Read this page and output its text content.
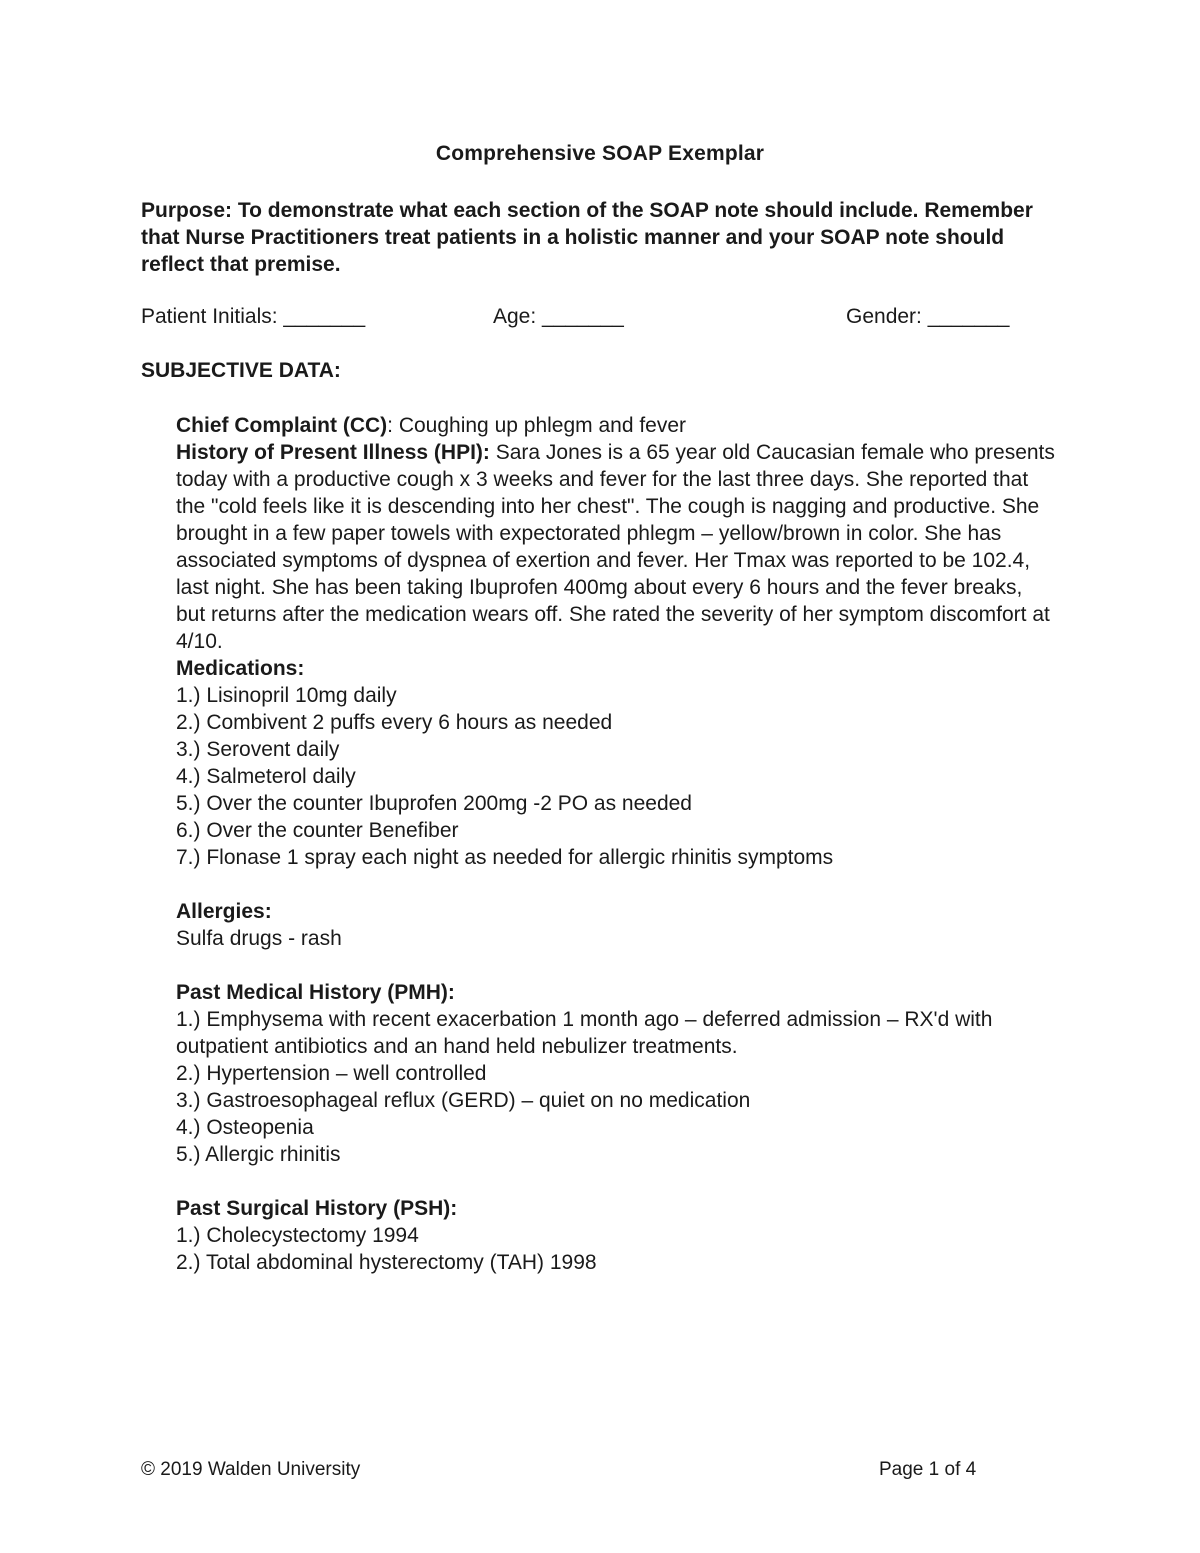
Comprehensive SOAP Exemplar

Purpose: To demonstrate what each section of the SOAP note should include. Remember that Nurse Practitioners treat patients in a holistic manner and your SOAP note should reflect that premise.

Patient Initials: _______	Age: _______	Gender: _______

SUBJECTIVE DATA:

Chief Complaint (CC): Coughing up phlegm and fever

History of Present Illness (HPI): Sara Jones is a 65 year old Caucasian female who presents today with a productive cough x 3 weeks and fever for the last three days. She reported that the "cold feels like it is descending into her chest". The cough is nagging and productive. She brought in a few paper towels with expectorated phlegm – yellow/brown in color. She has associated symptoms of dyspnea of exertion and fever. Her Tmax was reported to be 102.4, last night. She has been taking Ibuprofen 400mg about every 6 hours and the fever breaks, but returns after the medication wears off. She rated the severity of her symptom discomfort at 4/10.

Medications:

1.) Lisinopril 10mg daily
2.) Combivent 2 puffs every 6 hours as needed
3.) Serovent daily
4.) Salmeterol daily
5.) Over the counter Ibuprofen 200mg -2 PO as needed
6.) Over the counter Benefiber
7.) Flonase 1 spray each night as needed for allergic rhinitis symptoms

Allergies:

Sulfa drugs - rash

Past Medical History (PMH):

1.) Emphysema with recent exacerbation 1 month ago – deferred admission – RX'd with outpatient antibiotics and an hand held nebulizer treatments.
2.) Hypertension – well controlled
3.) Gastroesophageal reflux (GERD) – quiet on no medication
4.) Osteopenia
5.) Allergic rhinitis

Past Surgical History (PSH):

1.) Cholecystectomy 1994
2.) Total abdominal hysterectomy (TAH) 1998
© 2019 Walden University	Page 1 of 4
